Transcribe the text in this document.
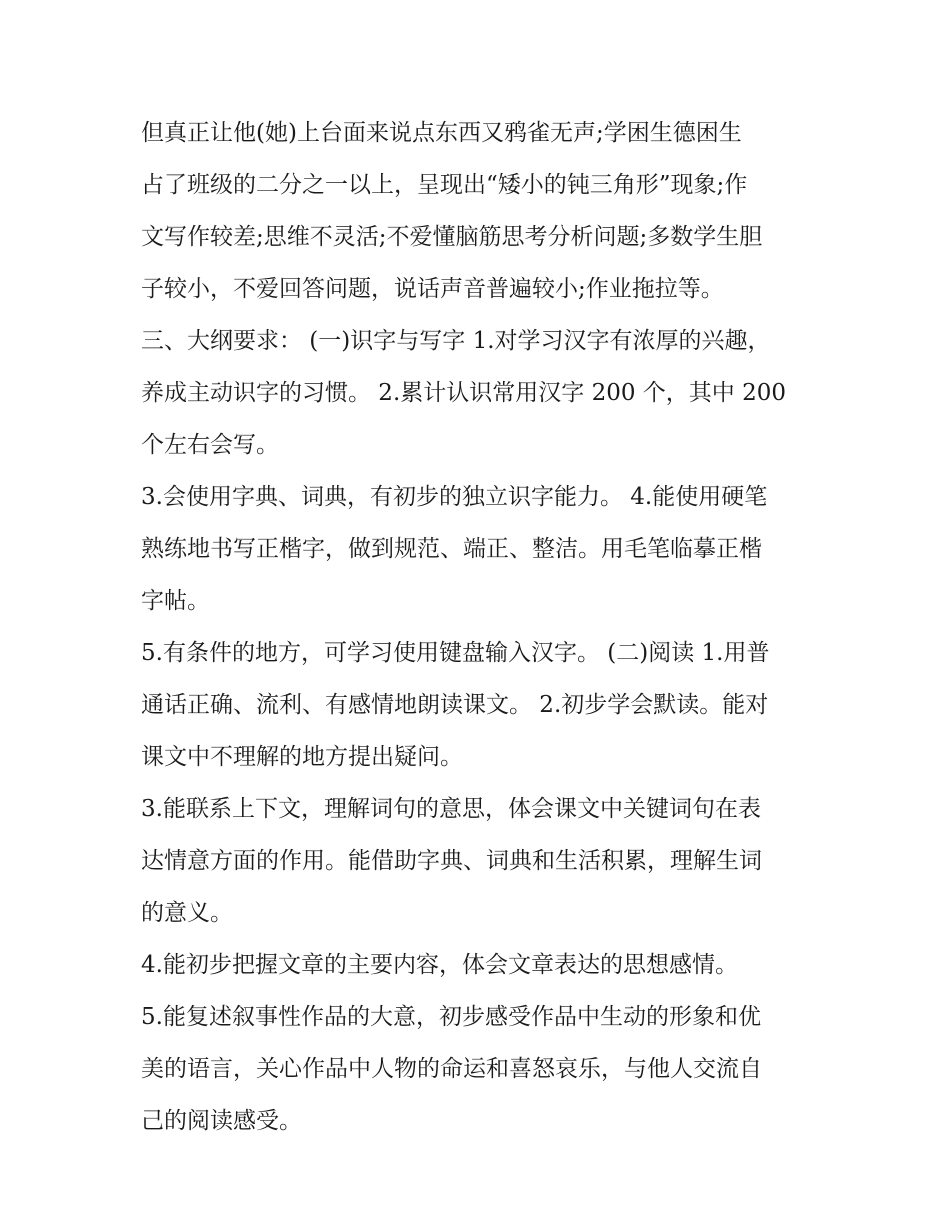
但真正让他(她)上台面来说点东西又鸦雀无声;学困生德困生
占了班级的二分之一以上，呈现出“矮小的钝三角形”现象;作
文写作较差;思维不灵活;不爱懂脑筋思考分析问题;多数学生胆
子较小，不爱回答问题，说话声音普遍较小;作业拖拉等。
三、大纲要求： (一)识字与写字 1.对学习汉字有浓厚的兴趣，
养成主动识字的习惯。 2.累计认识常用汉字 200 个，其中 200
个左右会写。
3.会使用字典、词典，有初步的独立识字能力。 4.能使用硬笔
熟练地书写正楷字，做到规范、端正、整洁。用毛笔临摹正楷
字帖。
5.有条件的地方，可学习使用键盘输入汉字。 (二)阅读 1.用普
通话正确、流利、有感情地朗读课文。 2.初步学会默读。能对
课文中不理解的地方提出疑问。
3.能联系上下文，理解词句的意思，体会课文中关键词句在表
达情意方面的作用。能借助字典、词典和生活积累，理解生词
的意义。
4.能初步把握文章的主要内容，体会文章表达的思想感情。
5.能复述叙事性作品的大意，初步感受作品中生动的形象和优
美的语言，关心作品中人物的命运和喜怒哀乐，与他人交流自
己的阅读感受。
